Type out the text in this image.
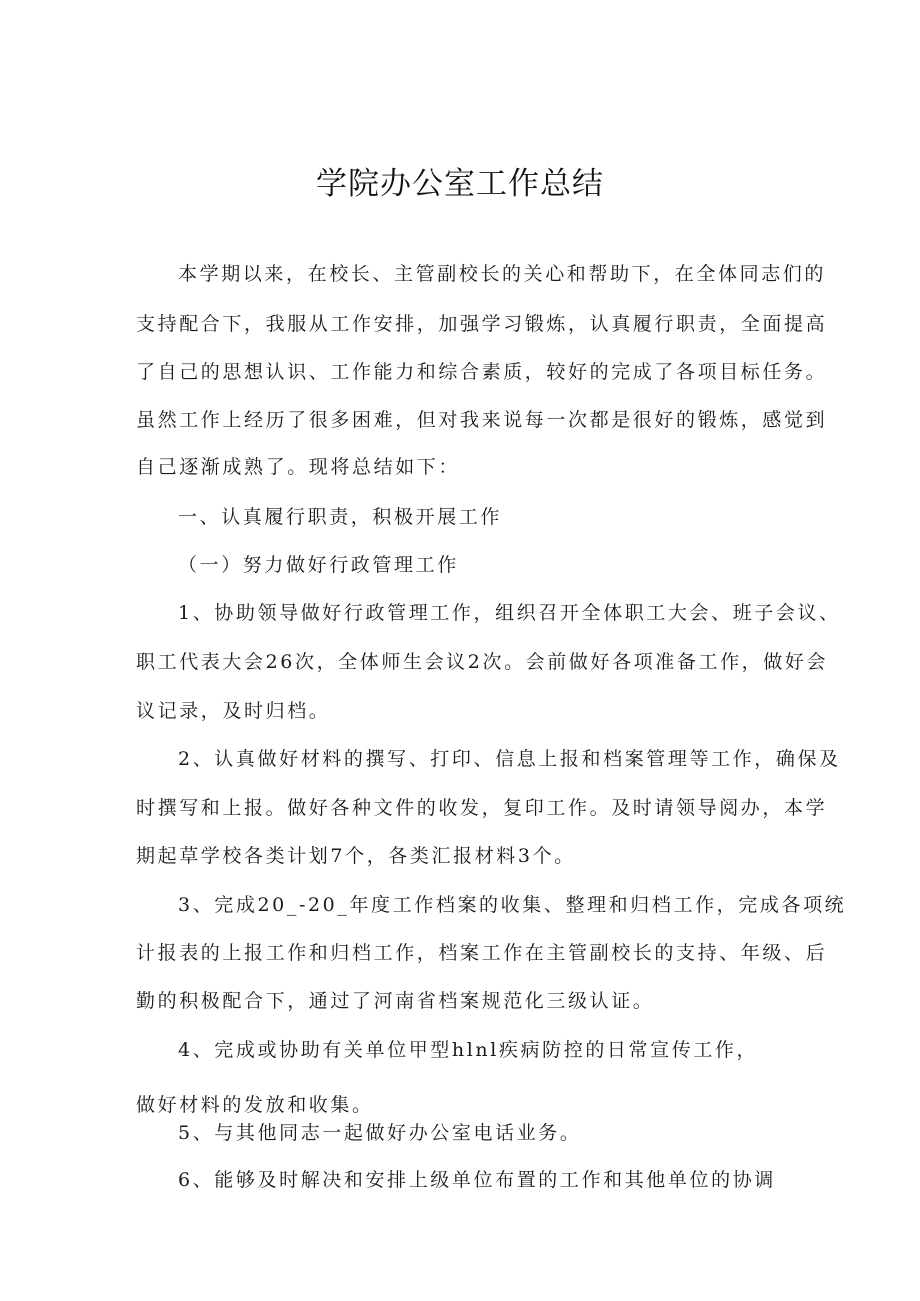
学院办公室工作总结

本学期以来，在校长、主管副校长的关心和帮助下，在全体同志们的

支持配合下，我服从工作安排，加强学习锻炼，认真履行职责，全面提高

了自己的思想认识、工作能力和综合素质，较好的完成了各项目标任务。

虽然工作上经历了很多困难，但对我来说每一次都是很好的锻炼，感觉到

自己逐渐成熟了。现将总结如下：

一、认真履行职责，积极开展工作

（一）努力做好行政管理工作

1、协助领导做好行政管理工作，组织召开全体职工大会、班子会议、

职工代表大会26次，全体师生会议2次。会前做好各项准备工作，做好会

议记录，及时归档。

2、认真做好材料的撰写、打印、信息上报和档案管理等工作，确保及

时撰写和上报。做好各种文件的收发，复印工作。及时请领导阅办，本学

期起草学校各类计划7个，各类汇报材料3个。

3、完成20_-20_年度工作档案的收集、整理和归档工作，完成各项统

计报表的上报工作和归档工作，档案工作在主管副校长的支持、年级、后

勤的积极配合下，通过了河南省档案规范化三级认证。

4、完成或协助有关单位甲型hlnl疾病防控的日常宣传工作，

做好材料的发放和收集。

5、与其他同志一起做好办公室电话业务。

6、能够及时解决和安排上级单位布置的工作和其他单位的协调
